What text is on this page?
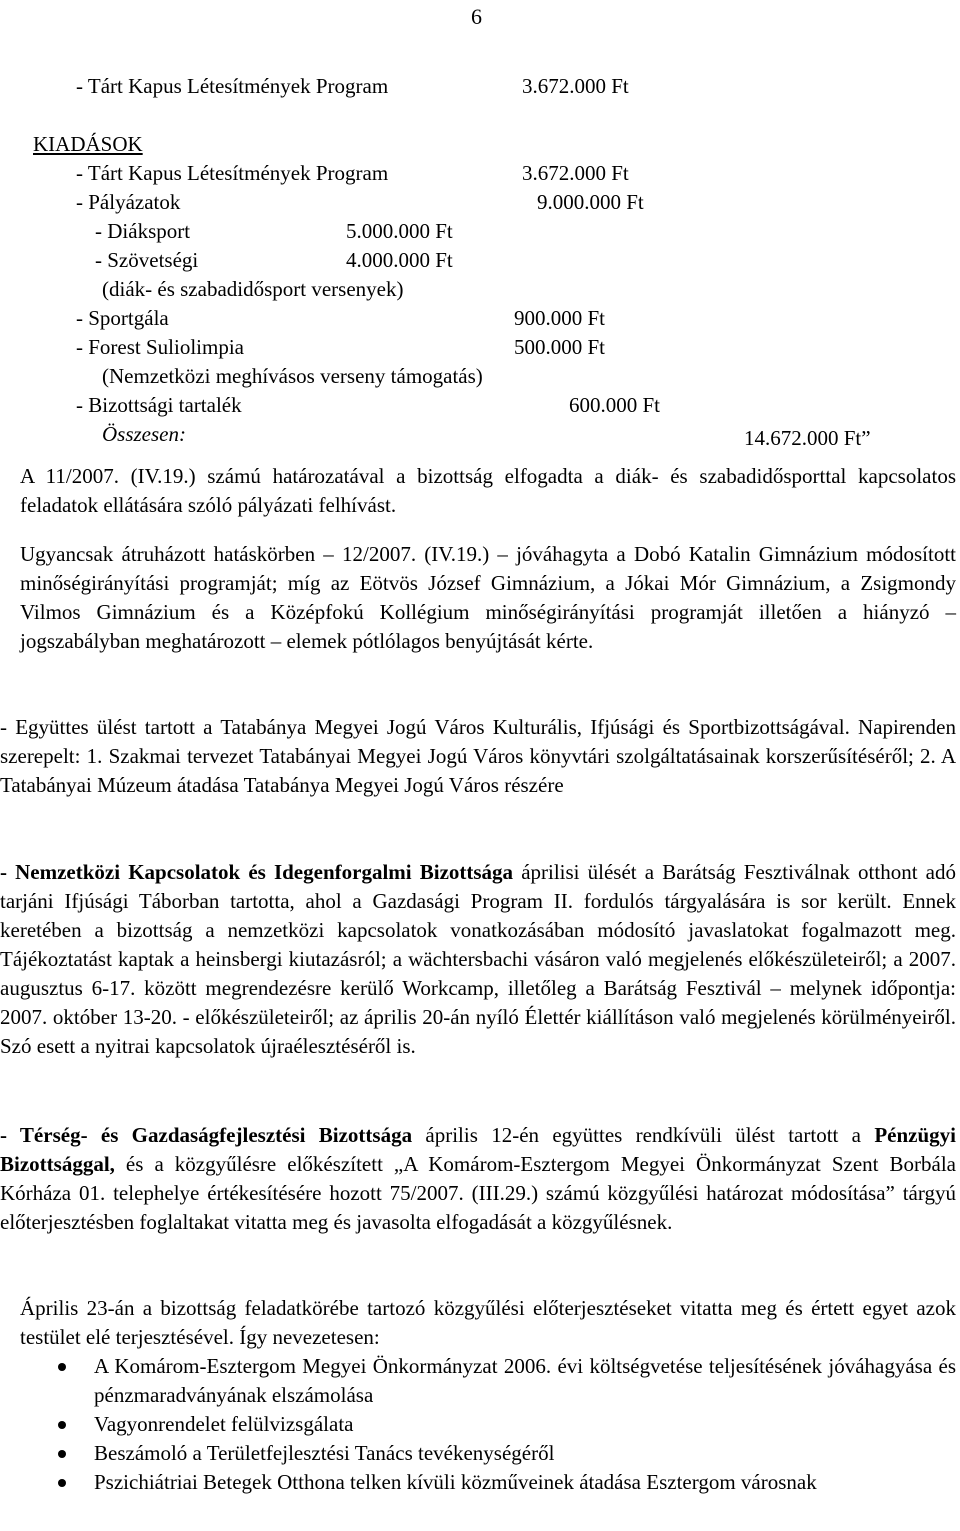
6
- Tárt Kapus Létesítmények Program	3.672.000 Ft
KIADÁSOK
- Tárt Kapus Létesítmények Program	3.672.000 Ft
- Pályázatok	9.000.000 Ft
- Diáksport	5.000.000 Ft
- Szövetségi	4.000.000 Ft
(diák- és szabadidősport versenyek)
- Sportgála	900.000 Ft
- Forest Suliolimpia	500.000 Ft
(Nemzetközi meghívásos verseny támogatás)
- Bizottsági tartalék	600.000 Ft
Összesen:	14.672.000 Ft”

A 11/2007. (IV.19.) számú határozatával a bizottság elfogadta a diák- és szabadidősporttal kapcsolatos feladatok ellátására szóló pályázati felhívást.

Ugyancsak átruházott hatáskörben – 12/2007. (IV.19.) – jóváhagyta a Dobó Katalin Gimnázium módosított minőségirányítási programját; míg az Eötvös József Gimnázium, a Jókai Mór Gimnázium, a Zsigmondy Vilmos Gimnázium és a Középfokú Kollégium minőségirányítási programját illetően a hiányzó – jogszabályban meghatározott – elemek pótlólagos benyújtását kérte.

- Együttes ülést tartott a Tatabánya Megyei Jogú Város Kulturális, Ifjúsági és Sportbizottságával. Napirenden szerepelt: 1. Szakmai tervezet Tatabányai Megyei Jogú Város könyvtári szolgáltatásainak korszerűsítéséről; 2. A Tatabányai Múzeum átadása Tatabánya Megyei Jogú Város részére

- Nemzetközi Kapcsolatok és Idegenforgalmi Bizottsága áprilisi ülését a Barátság Fesztiválnak otthont adó tarjáni Ifjúsági Táborban tartotta, ahol a Gazdasági Program II. fordulós tárgyalására is sor került. Ennek keretében a bizottság a nemzetközi kapcsolatok vonatkozásában módosító javaslatokat fogalmazott meg. Tájékoztatást kaptak a heinsbergi kiutazásról; a wächtersbachi vásáron való megjelenés előkészületeiről; a 2007. augusztus 6-17. között megrendezésre kerülő Workcamp, illetőleg a Barátság Fesztivál – melynek időpontja: 2007. október 13-20. - előkészületeiről; az április 20-án nyíló Élettér kiállításon való megjelenés körülményeiről. Szó esett a nyitrai kapcsolatok újraélesztéséről is.

- Térség- és Gazdaságfejlesztési Bizottsága április 12-én együttes rendkívüli ülést tartott a Pénzügyi Bizottsággal, és a közgyűlésre előkészített „A Komárom-Esztergom Megyei Önkormányzat Szent Borbála Kórháza 01. telephelye értékesítésére hozott 75/2007. (III.29.) számú közgyűlési határozat módosítása” tárgyú előterjesztésben foglaltakat vitatta meg és javasolta elfogadását a közgyűlésnek.

Április 23-án a bizottság feladatkörébe tartozó közgyűlési előterjesztéseket vitatta meg és értett egyet azok testület elé terjesztésével. Így nevezetesen:

A Komárom-Esztergom Megyei Önkormányzat 2006. évi költségvetése teljesítésének jóváhagyása és pénzmaradványának elszámolása
Vagyonrendelet felülvizsgálata
Beszámoló a Területfejlesztési Tanács tevékenységéről
Pszichiátriai Betegek Otthona telken kívüli közműveinek átadása Esztergom városnak
